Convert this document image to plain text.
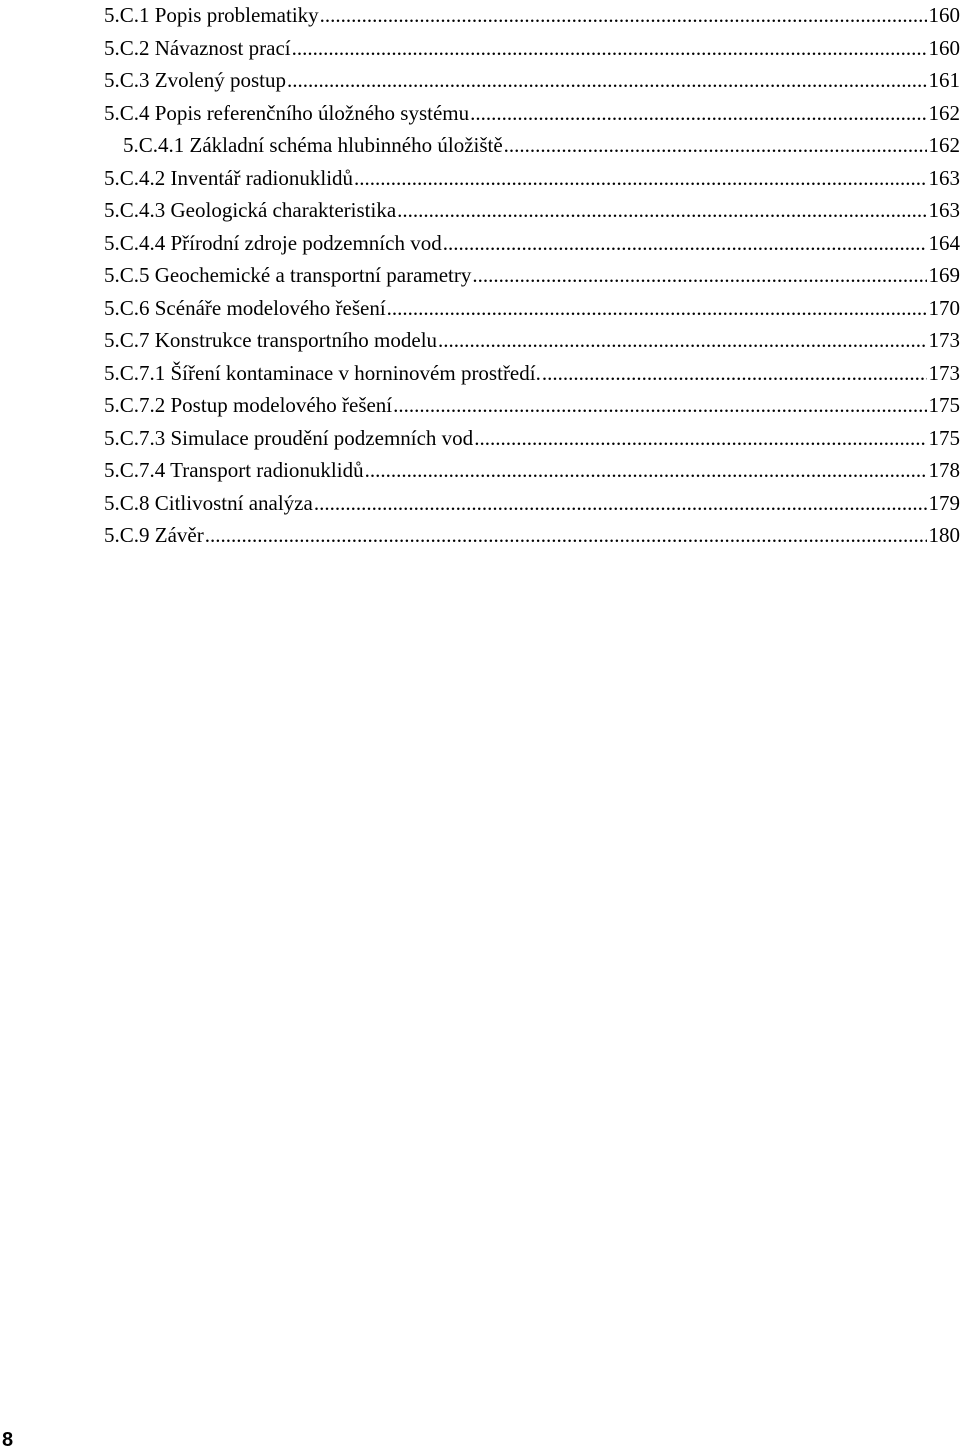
5.C.1 Popis problematiky .....	160
5.C.2 Návaznost prací .....	160
5.C.3 Zvolený postup .....	161
5.C.4 Popis referenčního úložného systému .....	162
5.C.4.1 Základní schéma hlubinného úložiště .....	162
5.C.4.2 Inventář radionuklidů .....	163
5.C.4.3 Geologická charakteristika .....	163
5.C.4.4 Přírodní zdroje podzemních vod .....	164
5.C.5 Geochemické a transportní parametry .....	169
5.C.6 Scénáře modelového řešení .....	170
5.C.7 Konstrukce transportního modelu .....	173
5.C.7.1 Šíření kontaminace v horninovém prostředí. .....	173
5.C.7.2 Postup modelového řešení .....	175
5.C.7.3 Simulace proudění podzemních vod .....	175
5.C.7.4 Transport radionuklidů .....	178
5.C.8 Citlivostní analýza .....	179
5.C.9 Závěr .....	180
8
